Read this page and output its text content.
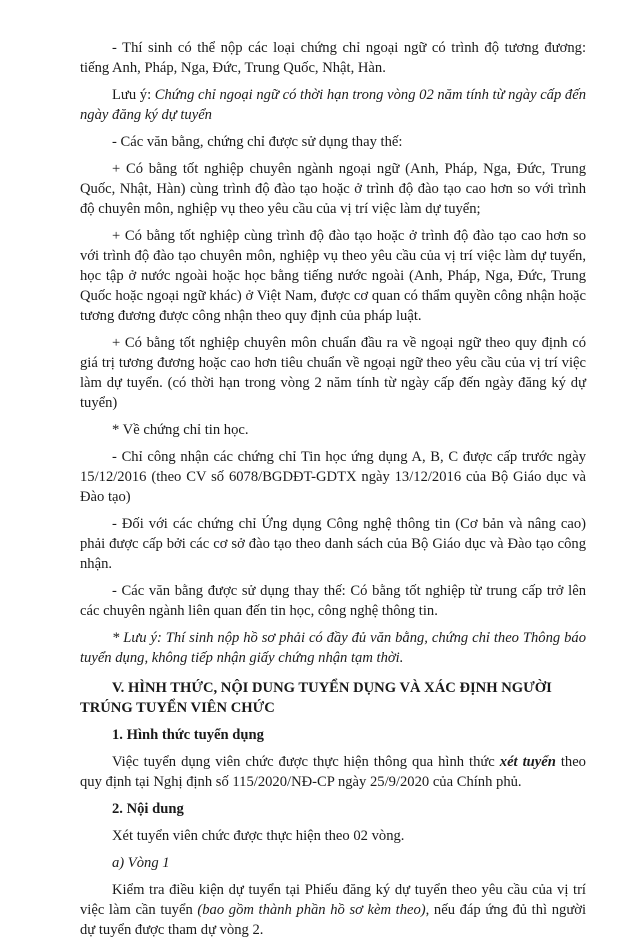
- Thí sinh có thể nộp các loại chứng chỉ ngoại ngữ có trình độ tương đương: tiếng Anh, Pháp, Nga, Đức, Trung Quốc, Nhật, Hàn.

Lưu ý: Chứng chỉ ngoại ngữ có thời hạn trong vòng 02 năm tính từ ngày cấp đến ngày đăng ký dự tuyển

- Các văn bằng, chứng chỉ được sử dụng thay thế:

+ Có bằng tốt nghiệp chuyên ngành ngoại ngữ (Anh, Pháp, Nga, Đức, Trung Quốc, Nhật, Hàn) cùng trình độ đào tạo hoặc ở trình độ đào tạo cao hơn so với trình độ chuyên môn, nghiệp vụ theo yêu cầu của vị trí việc làm dự tuyển;

+ Có bằng tốt nghiệp cùng trình độ đào tạo hoặc ở trình độ đào tạo cao hơn so với trình độ đào tạo chuyên môn, nghiệp vụ theo yêu cầu của vị trí việc làm dự tuyển, học tập ở nước ngoài hoặc học bằng tiếng nước ngoài (Anh, Pháp, Nga, Đức, Trung Quốc hoặc ngoại ngữ khác) ở Việt Nam, được cơ quan có thẩm quyền công nhận hoặc tương đương được công nhận theo quy định của pháp luật.

+ Có bằng tốt nghiệp chuyên môn chuẩn đầu ra về ngoại ngữ theo quy định có giá trị tương đương hoặc cao hơn tiêu chuẩn về ngoại ngữ theo yêu cầu của vị trí việc làm dự tuyển. (có thời hạn trong vòng 2 năm tính từ ngày cấp đến ngày đăng ký dự tuyển)

* Về chứng chỉ tin học.

- Chỉ công nhận các chứng chỉ Tin học ứng dụng A, B, C được cấp trước ngày 15/12/2016 (theo CV số 6078/BGDĐT-GDTX ngày 13/12/2016 của Bộ Giáo dục và Đào tạo)

- Đối với các chứng chỉ Ứng dụng Công nghệ thông tin (Cơ bản và nâng cao) phải được cấp bởi các cơ sở đào tạo theo danh sách của Bộ Giáo dục và Đào tạo công nhận.

- Các văn bằng được sử dụng thay thế: Có bằng tốt nghiệp từ trung cấp trở lên các chuyên ngành liên quan đến tin học, công nghệ thông tin.

* Lưu ý: Thí sinh nộp hồ sơ phải có đầy đủ văn bằng, chứng chỉ theo Thông báo tuyển dụng, không tiếp nhận giấy chứng nhận tạm thời.

V. HÌNH THỨC, NỘI DUNG TUYỂN DỤNG VÀ XÁC ĐỊNH NGƯỜI TRÚNG TUYỂN VIÊN CHỨC

1. Hình thức tuyển dụng

Việc tuyển dụng viên chức được thực hiện thông qua hình thức xét tuyển theo quy định tại Nghị định số 115/2020/NĐ-CP ngày 25/9/2020 của Chính phủ.

2. Nội dung

Xét tuyển viên chức được thực hiện theo 02 vòng.

a) Vòng 1

Kiểm tra điều kiện dự tuyển tại Phiếu đăng ký dự tuyển theo yêu cầu của vị trí việc làm cần tuyển (bao gồm thành phần hồ sơ kèm theo), nếu đáp ứng đủ thì người dự tuyển được tham dự vòng 2.
